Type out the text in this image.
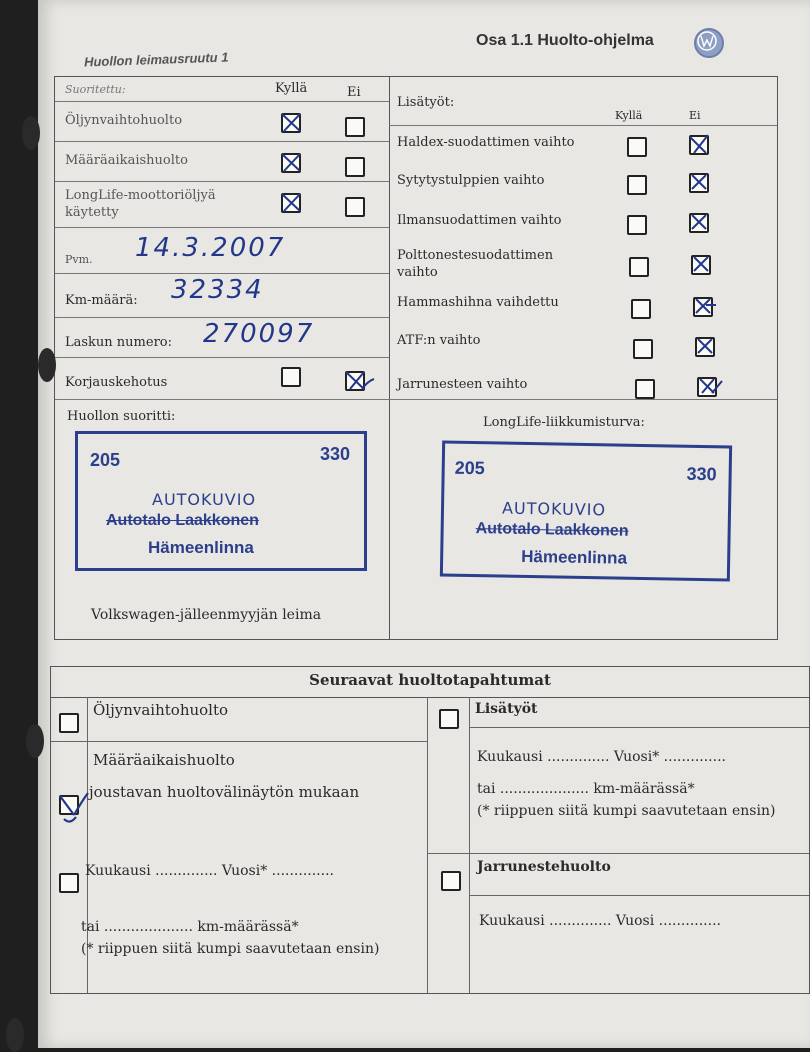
Osa 1.1 Huolto-ohjelma
Huollon leimausruutu 1
Suoritettu:	Kyllä	Ei
Öljynvaihtohuolto
Määräaikaishuolto
LongLife-moottoriöljyä käytetty
Pvm. 14.3.2007
Km-määrä: 32334
Laskun numero: 270097
Korjauskehotus
Lisätyöt:
Kyllä	Ei
Haldex-suodattimen vaihto
Sytytystulppien vaihto
Ilmansuodattimen vaihto
Polttonestesuodattimen vaihto
Hammashihna vaihdettu
ATF:n vaihto
Jarrunesteen vaihto
Huollon suoritti:	LongLife-liikkumisturva:
205	330
AUTOKUVIO
Autotalo Laakkonen
Hämeenlinna
205	330
AUTOKUVIO
Autotalo Laakkonen
Hämeenlinna
Volkswagen-jälleenmyyjän leima
Seuraavat huoltotapahtumat
Öljynvaihtohuolto
Määräaikaishuolto
joustavan huoltovälinäytön mukaan
Kuukausi .............. Vuosi* ..............
tai .................... km-määrässä*
(* riippuen siitä kumpi saavutetaan ensin)
Lisätyöt
Kuukausi .............. Vuosi* ..............
tai .................... km-määrässä*
(* riippuen siitä kumpi saavutetaan ensin)
Jarrunestehuolto
Kuukausi .............. Vuosi ..............
